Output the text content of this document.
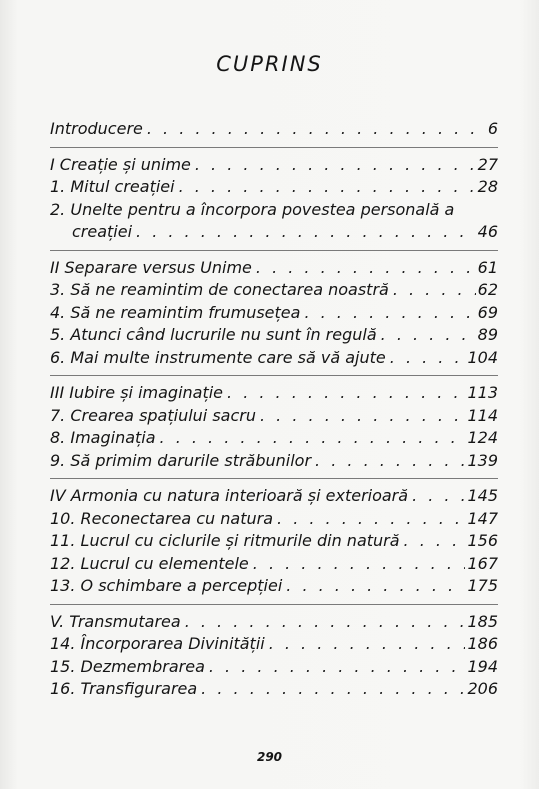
CUPRINS
Introducere . . .	6
I Creație și unime . . .	27
1. Mitul creației . . .	28
2. Unelte pentru a încorpora povestea personală a
creației . . .	46
II Separare versus Unime . . .	61
3. Să ne reamintim de conectarea noastră . . .	62
4. Să ne reamintim frumusețea . . .	69
5. Atunci când lucrurile nu sunt în regulă . . .	89
6. Mai multe instrumente care să vă ajute . . .	104
III Iubire și imaginație . . .	113
7. Crearea spațiului sacru . . .	114
8. Imaginația . . .	124
9. Să primim darurile străbunilor . . .	139
IV Armonia cu natura interioară și exterioară . . .	145
10. Reconectarea cu natura . . .	147
11. Lucrul cu ciclurile și ritmurile din natură . . .	156
12. Lucrul cu elementele . . .	167
13. O schimbare a percepției . . .	175
V. Transmutarea . . .	185
14. Încorporarea Divinității . . .	186
15. Dezmembrarea . . .	194
16. Transfigurarea . . .	206
290
